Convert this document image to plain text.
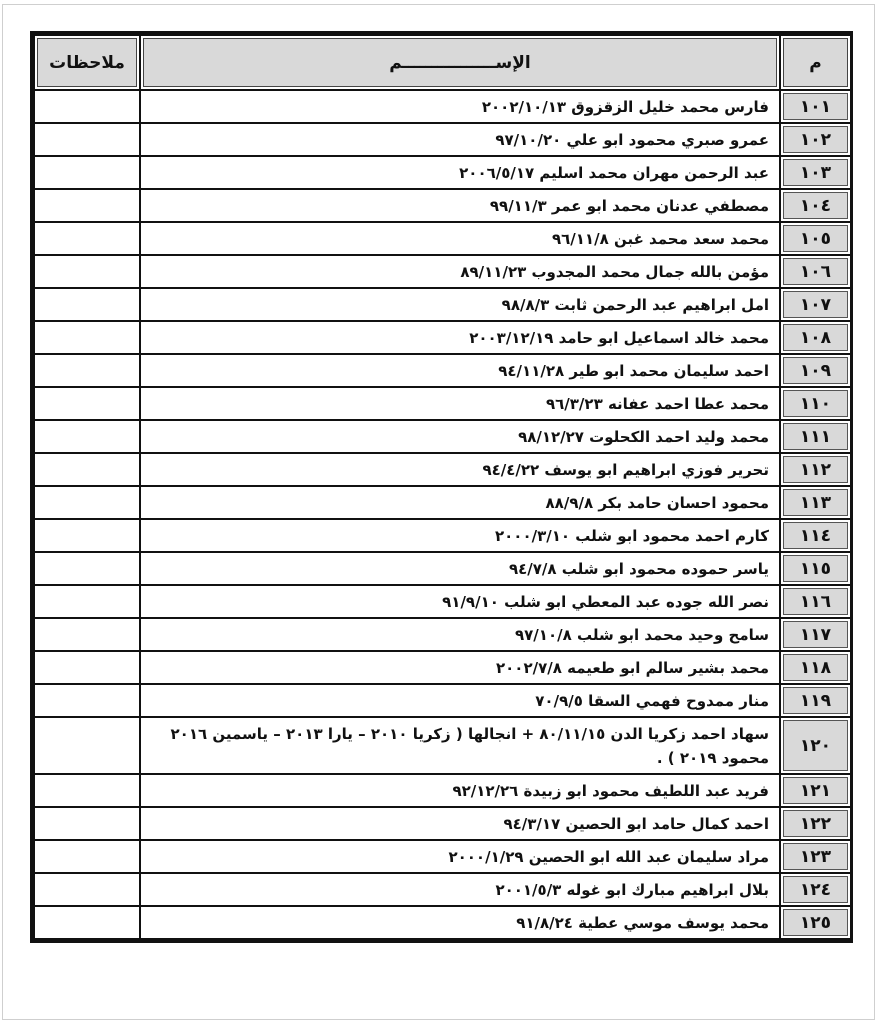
م	الإســــــــــــــــم	ملاحظات
١٠١	فارس محمد خليل الزقزوق ٢٠٠٢/١٠/١٣	
١٠٢	عمرو صبري محمود ابو علي ٩٧/١٠/٢٠	
١٠٣	عبد الرحمن مهران محمد اسليم ٢٠٠٦/٥/١٧	
١٠٤	مصطفي عدنان محمد ابو عمر ٩٩/١١/٣	
١٠٥	محمد سعد محمد غبن ٩٦/١١/٨	
١٠٦	مؤمن بالله جمال محمد المجدوب ٨٩/١١/٢٣	
١٠٧	امل ابراهيم عبد الرحمن ثابت ٩٨/٨/٣	
١٠٨	محمد خالد اسماعيل ابو حامد ٢٠٠٣/١٢/١٩	
١٠٩	احمد سليمان محمد ابو طير ٩٤/١١/٢٨	
١١٠	محمد عطا احمد عفانه ٩٦/٣/٢٣	
١١١	محمد وليد احمد الكحلوت ٩٨/١٢/٢٧	
١١٢	تحرير فوزي ابراهيم ابو يوسف ٩٤/٤/٢٢	
١١٣	محمود احسان حامد بكر ٨٨/٩/٨	
١١٤	كارم احمد محمود ابو شلب ٢٠٠٠/٣/١٠	
١١٥	ياسر حموده محمود ابو شلب ٩٤/٧/٨	
١١٦	نصر الله جوده عبد المعطي ابو شلب ٩١/٩/١٠	
١١٧	سامح وحيد محمد ابو شلب ٩٧/١٠/٨	
١١٨	محمد بشير سالم ابو طعيمه ٢٠٠٢/٧/٨	
١١٩	منار ممدوح فهمي السقا ٧٠/٩/٥	
١٢٠	سهاد احمد زكريا الدن ٨٠/١١/١٥ + انجالها ( زكريا ٢٠١٠ – يارا ٢٠١٣ – ياسمين ٢٠١٦ محمود ٢٠١٩ ) .	
١٢١	فريد عبد اللطيف محمود ابو زبيدة ٩٢/١٢/٢٦	
١٢٢	احمد كمال حامد ابو الحصين ٩٤/٣/١٧	
١٢٣	مراد سليمان عبد الله ابو الحصين ٢٠٠٠/١/٢٩	
١٢٤	بلال ابراهيم مبارك ابو غوله ٢٠٠١/٥/٣	
١٢٥	محمد يوسف موسي عطية ٩١/٨/٢٤	
